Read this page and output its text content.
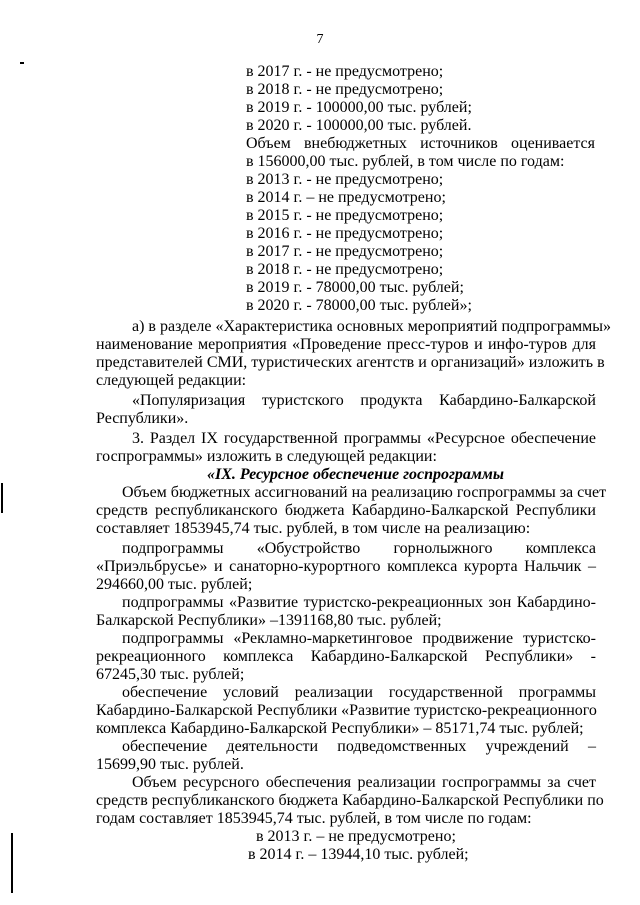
7
в 2017 г. - не предусмотрено;
в 2018 г. - не предусмотрено;
в 2019 г. - 100000,00 тыс. рублей;
в 2020 г. - 100000,00 тыс. рублей.
Объем внебюджетных источников оценивается
в 156000,00 тыс. рублей, в том числе по годам:
в 2013 г. - не предусмотрено;
в 2014 г. – не предусмотрено;
в 2015 г. - не предусмотрено;
в 2016 г. - не предусмотрено;
в 2017 г. - не предусмотрено;
в 2018 г. - не предусмотрено;
в 2019 г. - 78000,00 тыс. рублей;
в 2020 г. - 78000,00 тыс. рублей»;
а) в разделе «Характеристика основных мероприятий подпрограммы»
наименование мероприятия «Проведение пресс-туров и инфо-туров для
представителей СМИ, туристических агентств и организаций» изложить в
следующей редакции:
«Популяризация туристского продукта Кабардино-Балкарской
Республики».
3. Раздел IX государственной программы «Ресурсное обеспечение
госпрограммы» изложить в следующей редакции:
«IX. Ресурсное обеспечение госпрограммы
Объем бюджетных ассигнований на реализацию госпрограммы за счет
средств республиканского бюджета Кабардино-Балкарской Республики
составляет 1853945,74 тыс. рублей, в том числе на реализацию:
подпрограммы «Обустройство горнолыжного комплекса
«Приэльбрусье» и санаторно-курортного комплекса курорта Нальчик –
294660,00 тыс. рублей;
подпрограммы «Развитие туристско-рекреационных зон Кабардино-
Балкарской Республики» –1391168,80 тыс. рублей;
подпрограммы «Рекламно-маркетинговое продвижение туристско-
рекреационного комплекса Кабардино-Балкарской Республики» -
67245,30 тыс. рублей;
обеспечение условий реализации государственной программы
Кабардино-Балкарской Республики «Развитие туристско-рекреационного
комплекса Кабардино-Балкарской Республики» – 85171,74 тыс. рублей;
обеспечение деятельности подведомственных учреждений –
15699,90 тыс. рублей.
Объем ресурсного обеспечения реализации госпрограммы за счет
средств республиканского бюджета Кабардино-Балкарской Республики по
годам составляет 1853945,74 тыс. рублей, в том числе по годам:
в 2013 г. – не предусмотрено;
в 2014 г. – 13944,10 тыс. рублей;
